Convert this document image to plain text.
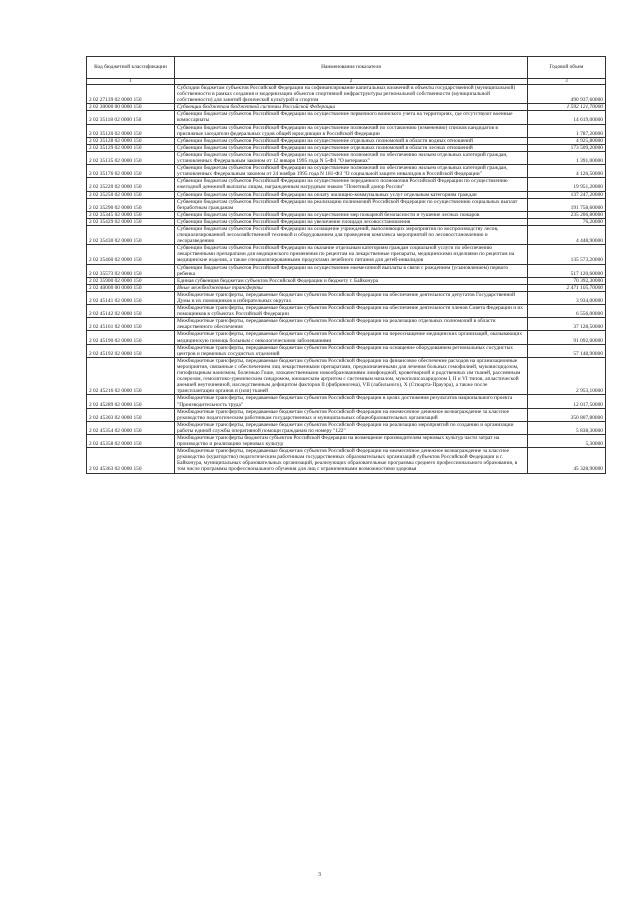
Код бюджетной классификации	Наименование показателя	Годовой объем
1	2	3
2 02 27139 02 0000 150	Субсидии бюджетам субъектов Российской Федерации на софинансирование капитальных вложений в объекты государственной (муниципальной) собственности в рамках создания и модернизации объектов спортивной инфраструктуры региональной собственности (муниципальной собственности) для занятий физической культурой и спортом	490 937,60000
2 02 30000 00 0000 150	Субвенции бюджетам бюджетной системы Российской Федерации	1 592 121,70000
2 02 35118 02 0000 150	Субвенции бюджетам субъектов Российской Федерации на осуществление первичного воинского учета на территориях, где отсутствуют военные комиссариаты	14 619,00000
2 02 35120 02 0000 150	Субвенции бюджетам субъектов Российской Федерации на осуществление полномочий по составлению (изменению) списков кандидатов в присяжные заседатели федеральных судов общей юрисдикции в Российской Федерации	1 787,20000
2 02 35128 02 0000 150	Субвенции бюджетам субъектов Российской Федерации на осуществление отдельных полномочий в области водных отношений	4 925,80000
2 02 35129 02 0000 150	Субвенции бюджетам субъектов Российской Федерации на осуществление отдельных полномочий в области лесных отношений	173 509,20000
2 02 35135 02 0000 150	Субвенции бюджетам субъектов Российской Федерации на осуществление полномочий по обеспечению жильем отдельных категорий граждан, установленных Федеральным законом от 12 января 1995 года N 5-ФЗ "О ветеранах"	1 391,00000
2 02 35176 02 0000 150	Субвенции бюджетам субъектов Российской Федерации на осуществление полномочий по обеспечению жильем отдельных категорий граждан, установленных Федеральным законом от 24 ноября 1995 года N 181-ФЗ "О социальной защите инвалидов в Российской Федерации"	4 126,50000
2 02 35220 02 0000 150	Субвенции бюджетам субъектов Российской Федерации на осуществление переданного полномочия Российской Федерации по осуществлению ежегодной денежной выплаты лицам, награжденным нагрудным знаком "Почетный донор России"	19 951,20000
2 02 35250 02 0000 150	Субвенции бюджетам субъектов Российской Федерации на оплату жилищно-коммунальных услуг отдельным категориям граждан	137 247,20000
2 02 35290 02 0000 150	Субвенции бюджетам субъектов Российской Федерации на реализацию полномочий Российской Федерации по осуществлению социальных выплат безработным гражданам	191 758,60000
2 02 35345 02 0000 150	Субвенции бюджетам субъектов Российской Федерации на осуществление мер пожарной безопасности и тушение лесных пожаров	235 206,80000
2 02 35429 02 0000 150	Субвенции бюджетам субъектов Российской Федерации на увеличение площади лесовосстановления	76,20000
2 02 35430 02 0000 150	Субвенции бюджетам субъектов Российской Федерации на оснащение учреждений, выполняющих мероприятия по воспроизводству лесов, специализированной лесохозяйственной техникой и оборудованием для проведения комплекса мероприятий по лесовосстановлению и лесоразведению	4 448,90000
2 02 35460 02 0000 150	Субвенции бюджетам субъектов Российской Федерации на оказание отдельным категориям граждан социальной услуги по обеспечению лекарственными препаратами для медицинского применения по рецептам на лекарственные препараты, медицинскими изделиями по рецептам на медицинские изделия, а также специализированными продуктами лечебного питания для детей-инвалидов	135 573,20000
2 02 35573 02 0000 150	Субвенции бюджетам субъектов Российской Федерации на осуществление ежемесячной выплаты в связи с рождением (усыновлением) первого ребенка	517 120,60000
2 02 35900 02 0000 150	Единая субвенция бюджетам субъектов Российской Федерации и бюджету г. Байконура	70 392,30000
2 02 40000 00 0000 150	Иные межбюджетные трансферты	2 471 105,70000
2 02 45141 02 0000 150	Межбюджетные трансферты, передаваемые бюджетам субъектов Российской Федерации на обеспечение деятельности депутатов Государственной Думы и их помощников в избирательных округах	3 934,00000
2 02 45142 02 0000 150	Межбюджетные трансферты, передаваемые бюджетам субъектов Российской Федерации на обеспечение деятельности членов Совета Федерации и их помощников в субъектах Российской Федерации	6 556,00000
2 02 45161 02 0000 150	Межбюджетные трансферты, передаваемые бюджетам субъектов Российской Федерации на реализацию отдельных полномочий в области лекарственного обеспечения	37 128,50000
2 02 45190 02 0000 150	Межбюджетные трансферты, передаваемые бюджетам субъектов Российской Федерации на переоснащение медицинских организаций, оказывающих медицинскую помощь больным с онкологическими заболеваниями	91 092,00000
2 02 45192 02 0000 150	Межбюджетные трансферты, передаваемые бюджетам субъектов Российской Федерации на оснащение оборудованием региональных сосудистых центров и первичных сосудистых отделений	57 148,90000
2 02 45216 02 0000 150	Межбюджетные трансферты, передаваемые бюджетам субъектов Российской Федерации на финансовое обеспечение расходов на организационные мероприятия, связанные с обеспечением лиц лекарственными препаратами, предназначенными для лечения больных гемофилией, муковисцидозом, гипофизарным нанизмом, болезнью Гоше, злокачественными новообразованиями лимфоидной, кроветворной и родственных им тканей, рассеянным склерозом, гемолитико-уремическим синдромом, юношеским артритом с системным началом, мукополисахаридозом I, II и VI типов, апластической анемией неуточненной, наследственным дефицитом факторов II (фибриногена), VII (лабильного), X (Стюарта-Прауэра), а также после трансплантации органов и (или) тканей	2 953,10000
2 02 45289 02 0000 150	Межбюджетные трансферты, передаваемые бюджетам субъектов Российской Федерации в целях достижения результатов национального проекта "Производительность труда"	12 017,50000
2 02 45303 02 0000 150	Межбюджетные трансферты, передаваемые бюджетам субъектов Российской Федерации на ежемесячное денежное вознаграждение за классное руководство педагогическим работникам государственных и муниципальных общеобразовательных организаций	350 807,80000
2 02 45354 02 0000 150	Межбюджетные трансферты, передаваемые бюджетам субъектов Российской Федерации на реализацию мероприятий по созданию и организации работы единой службы оперативной помощи гражданам по номеру "122"	5 838,30000
2 02 45358 02 0000 150	Межбюджетные трансферты бюджетам субъектов Российской Федерации на возмещение производителям зерновых культур части затрат на производство и реализацию зерновых культур	5,30000
2 02 45363 02 0000 150	Межбюджетные трансферты, передаваемые бюджетам субъектов Российской Федерации на ежемесячное денежное вознаграждение за классное руководство (кураторство) педагогическим работникам государственных образовательных организаций субъектов Российской Федерации и г. Байконура, муниципальных образовательных организаций, реализующих образовательные программы среднего профессионального образования, в том числе программы профессионального обучения для лиц с ограниченными возможностями здоровья	45 328,90000
3
